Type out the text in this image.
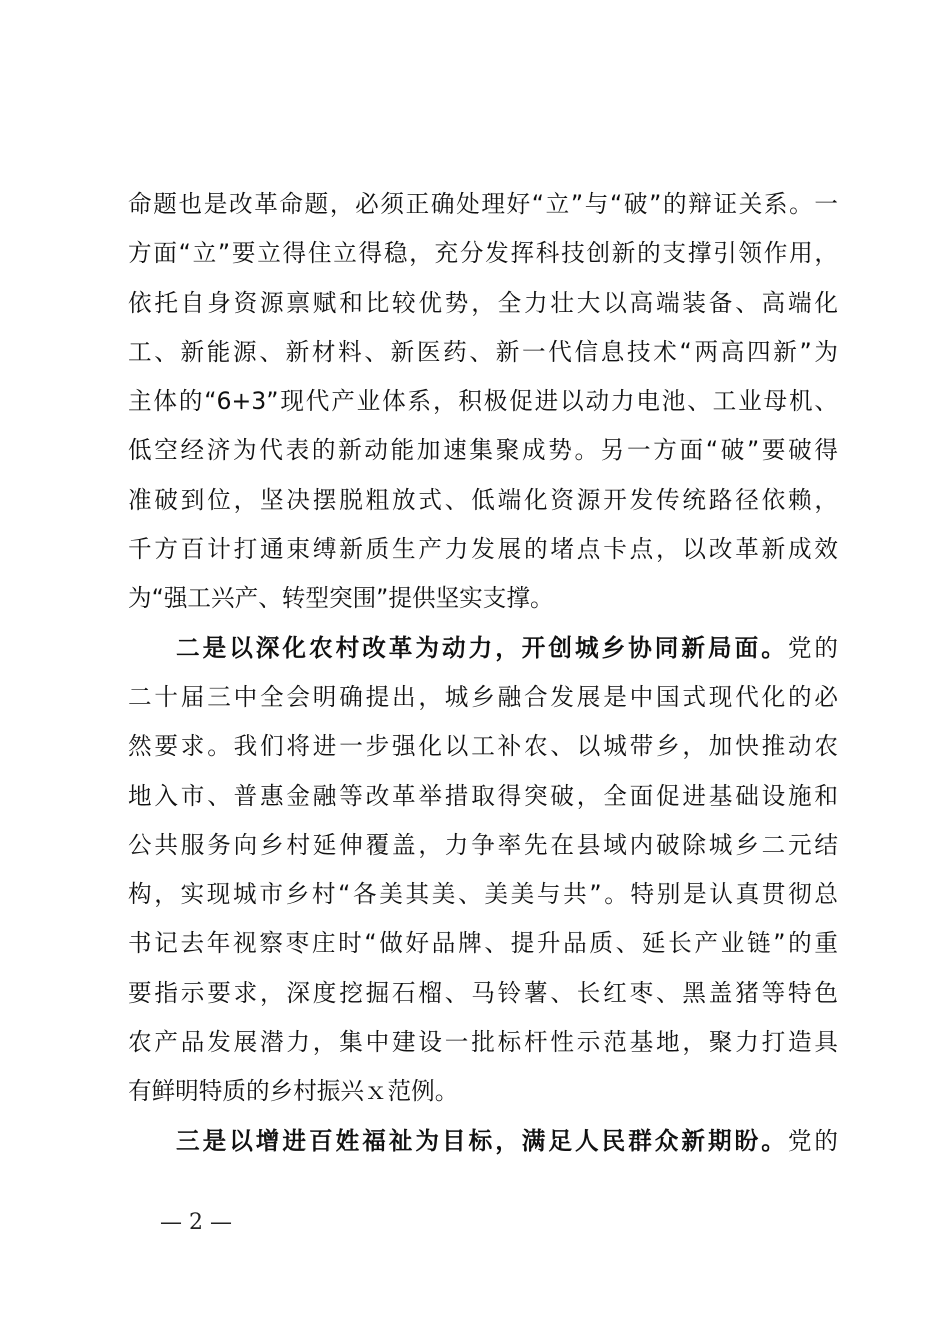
命题也是改革命题，必须正确处理好“立”与“破”的辩证关系。一
方面“立”要立得住立得稳，充分发挥科技创新的支撑引领作用，
依托自身资源禀赋和比较优势，全力壮大以高端装备、高端化
工、新能源、新材料、新医药、新一代信息技术“两高四新”为
主体的“6+3”现代产业体系，积极促进以动力电池、工业母机、
低空经济为代表的新动能加速集聚成势。另一方面“破”要破得
准破到位，坚决摆脱粗放式、低端化资源开发传统路径依赖，
千方百计打通束缚新质生产力发展的堵点卡点，以改革新成效
为“强工兴产、转型突围”提供坚实支撑。
二是以深化农村改革为动力，开创城乡协同新局面。党的
二十届三中全会明确提出，城乡融合发展是中国式现代化的必
然要求。我们将进一步强化以工补农、以城带乡，加快推动农
地入市、普惠金融等改革举措取得突破，全面促进基础设施和
公共服务向乡村延伸覆盖，力争率先在县域内破除城乡二元结
构，实现城市乡村“各美其美、美美与共”。特别是认真贯彻总
书记去年视察枣庄时“做好品牌、提升品质、延长产业链”的重
要指示要求，深度挖掘石榴、马铃薯、长红枣、黑盖猪等特色
农产品发展潜力，集中建设一批标杆性示范基地，聚力打造具
有鲜明特质的乡村振兴ｘ范例。
三是以增进百姓福祉为目标，满足人民群众新期盼。党的
— 2 —
